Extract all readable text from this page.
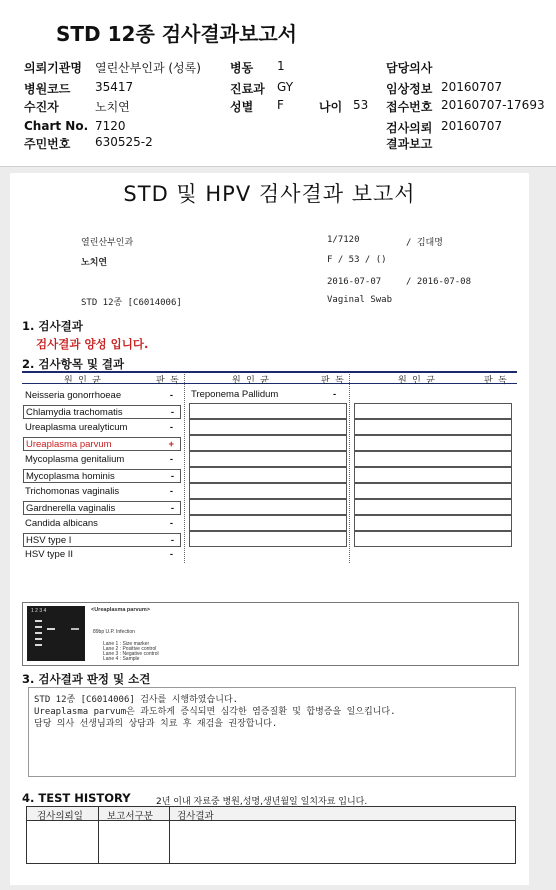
STD 12종 검사결과보고서
의뢰기관명 열린산부인과 (성록)
병원코드 35417
수진자	노치연
Chart No. 7120
주민번호 630525-2
병동 1
진료과 GY
성별 F	나이 53
담당의사
임상정보 20160707
접수번호 20160707-17693
검사의뢰 20160707
결과보고
STD 및 HPV 검사결과 보고서
열린산부인과	1/7120	/ 김대명
노치연	F / 53 / ()
2016-07-07	/ 2016-07-08
STD 12종 [C6014006]	Vaginal Swab
1. 검사결과
검사결과 양성 입니다.
2. 검사항목 및 결과
원 인 균	판 독	원 인 균	판 독	원 인 균	판 독
Neisseria gonorrhoeae	-
Chlamydia trachomatis	-
Ureaplasma urealyticum	-
Ureaplasma parvum	+
Mycoplasma genitalium	-
Mycoplasma hominis	-
Trichomonas vaginalis	-
Gardnerella vaginalis	-
Candida albicans	-
HSV type I	-
HSV type II	-
Treponema Pallidum	-
1 2 3 4	<Ureaplasma parvum>
89bp U.P. Infection
Lane 1 : Size marker
Lane 2 : Positive control
Lane 3 : Negative control
Lane 4 : Sample
3. 검사결과 판정 및 소견
STD 12종 [C6014006] 검사를 시행하였습니다.
Ureaplasma parvum은 과도하게 증식되면 심각한 염증질환 및 합병증을 일으킵니다.
담당 의사 선생님과의 상담과 치료 후 재검을 권장합니다.
4. TEST HISTORY	2년 이내 자료중 병원,성명,생년월일 일치자료 입니다.
검사의뢰일	보고서구분	검사결과
